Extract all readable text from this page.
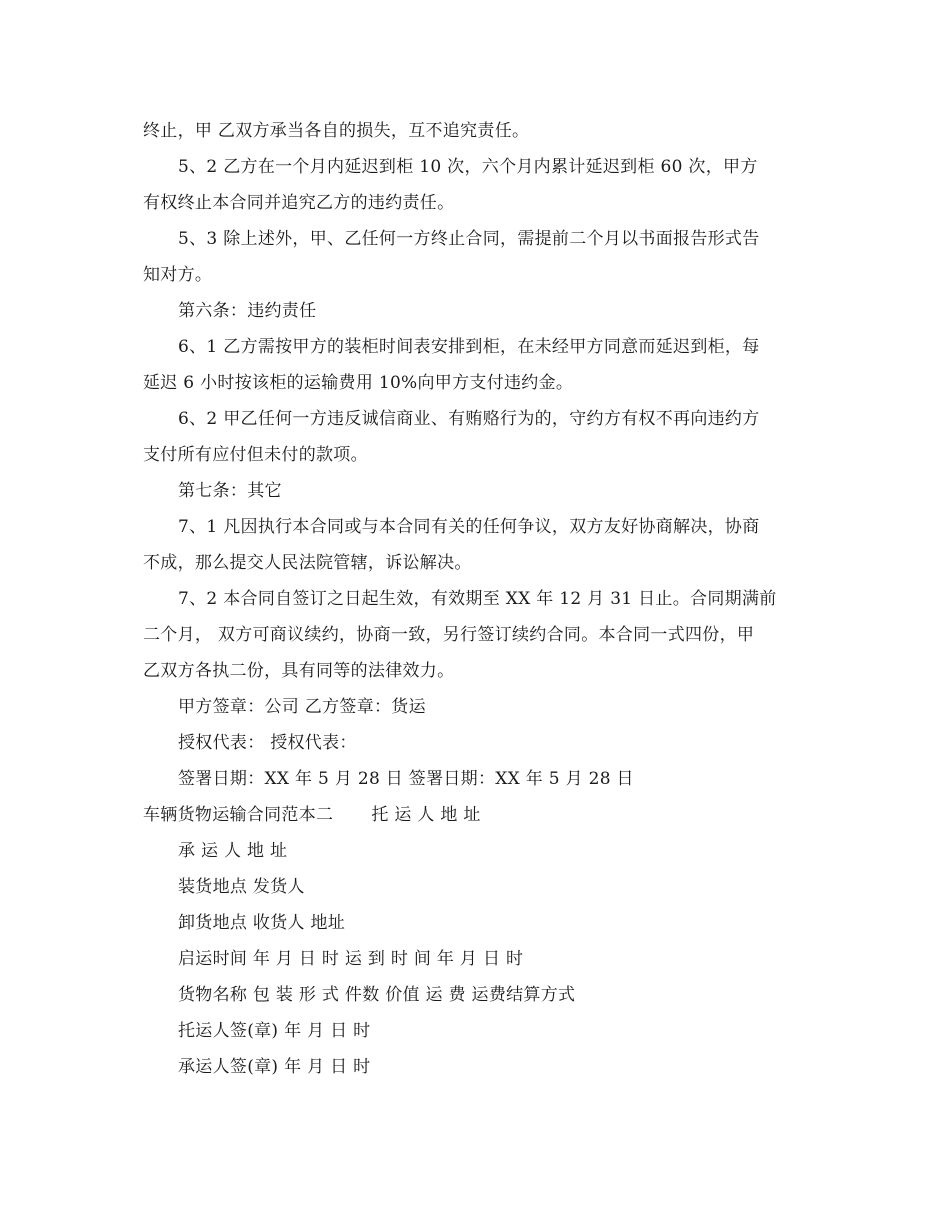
终止，甲 乙双方承当各自的损失，互不追究责任。
5、2 乙方在一个月内延迟到柜 10 次，六个月内累计延迟到柜 60 次，甲方
有权终止本合同并追究乙方的违约责任。
5、3 除上述外，甲、乙任何一方终止合同，需提前二个月以书面报告形式告
知对方。
第六条：违约责任
6、1 乙方需按甲方的装柜时间表安排到柜，在未经甲方同意而延迟到柜，每
延迟 6 小时按该柜的运输费用 10%向甲方支付违约金。
6、2 甲乙任何一方违反诚信商业、有贿赂行为的，守约方有权不再向违约方
支付所有应付但未付的款项。
第七条：其它
7、1 凡因执行本合同或与本合同有关的任何争议，双方友好协商解决，协商
不成，那么提交人民法院管辖，诉讼解决。
7、2 本合同自签订之日起生效，有效期至 XX 年 12 月 31 日止。合同期满前
二个月， 双方可商议续约，协商一致，另行签订续约合同。本合同一式四份，甲
乙双方各执二份，具有同等的法律效力。
甲方签章：公司 乙方签章：货运
授权代表： 授权代表：
签署日期：XX 年 5 月 28 日 签署日期：XX 年 5 月 28 日
车辆货物运输合同范本二 托 运 人 地 址
承 运 人 地 址
装货地点 发货人
卸货地点 收货人 地址
启运时间 年 月 日 时 运 到 时 间 年 月 日 时
货物名称 包 装 形 式 件数 价值 运 费 运费结算方式
托运人签(章) 年 月 日 时
承运人签(章) 年 月 日 时
